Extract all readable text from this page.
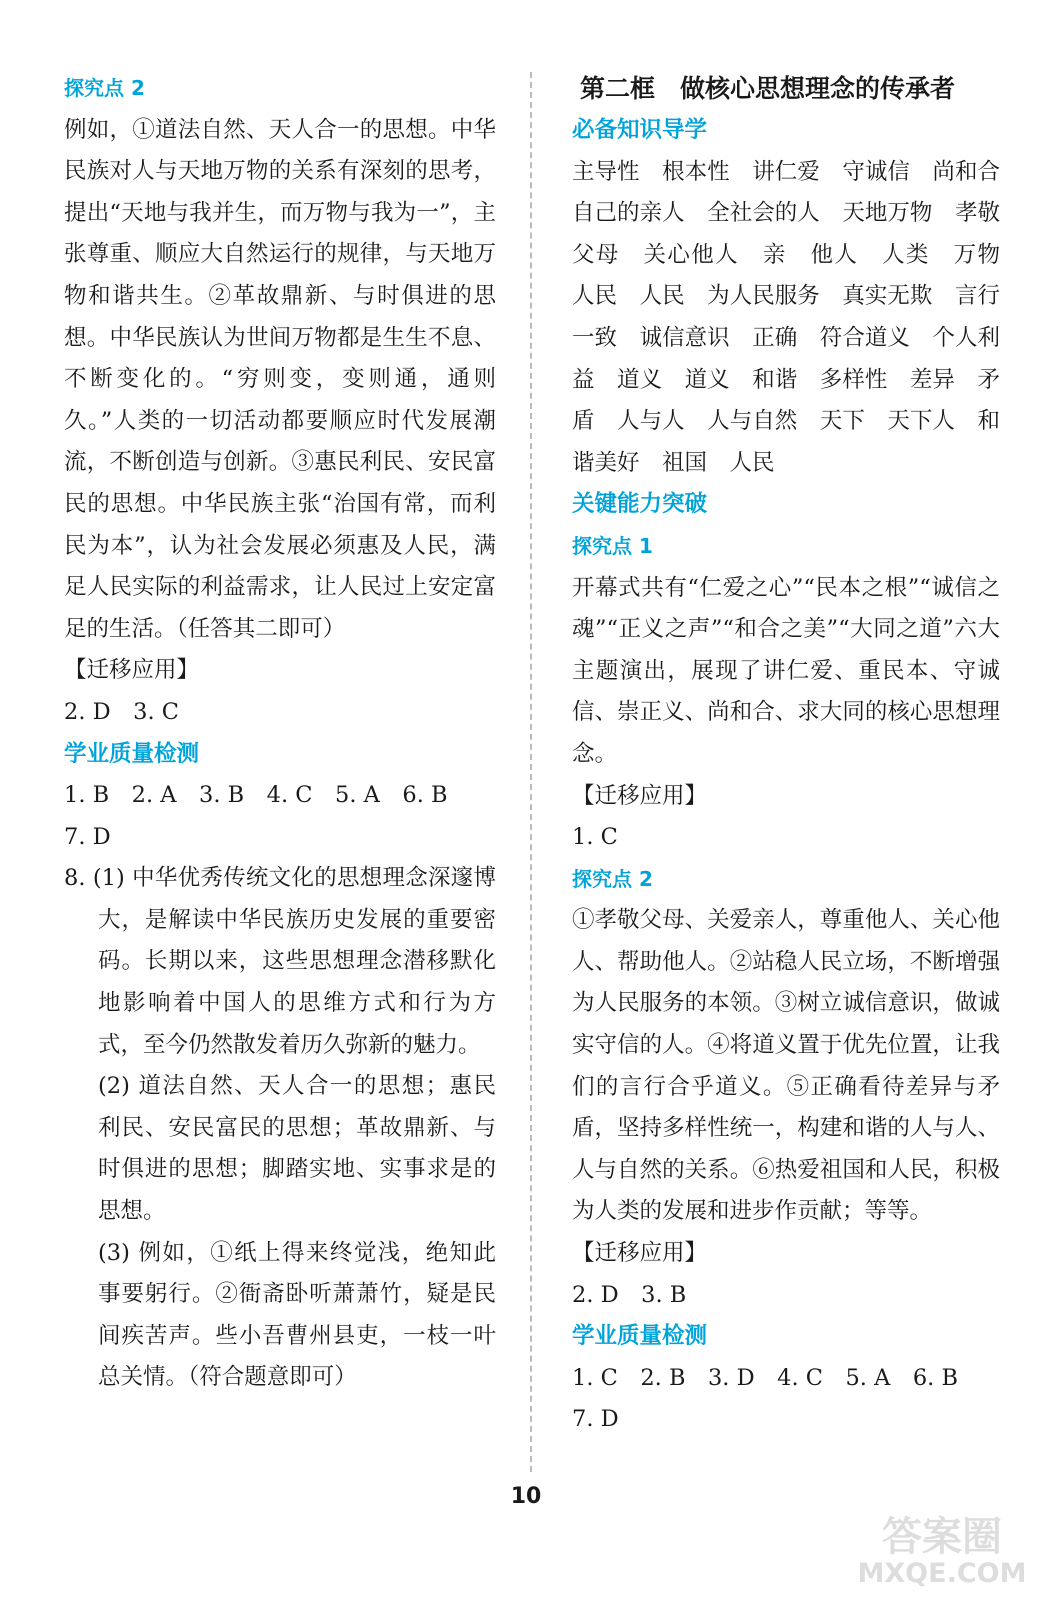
探究点 2

例如，①道法自然、天人合一的思想。中华民族对人与天地万物的关系有深刻的思考，提出“天地与我并生，而万物与我为一”，主张尊重、顺应大自然运行的规律，与天地万物和谐共生。②革故鼎新、与时俱进的思想。中华民族认为世间万物都是生生不息、不断变化的。“穷则变，变则通，通则久。”人类的一切活动都要顺应时代发展潮流，不断创造与创新。③惠民利民、安民富民的思想。中华民族主张“治国有常，而利民为本”，认为社会发展必须惠及人民，满足人民实际的利益需求，让人民过上安定富足的生活。（任答其二即可）

【迁移应用】
2. D　3. C
学业质量检测
1. B　2. A　3. B　4. C　5. A　6. B
7. D

8. (1) 中华优秀传统文化的思想理念深邃博大，是解读中华民族历史发展的重要密码。长期以来，这些思想理念潜移默化地影响着中国人的思维方式和行为方式，至今仍然散发着历久弥新的魅力。

(2) 道法自然、天人合一的思想；惠民利民、安民富民的思想；革故鼎新、与时俱进的思想；脚踏实地、实事求是的思想。

(3) 例如，①纸上得来终觉浅，绝知此事要躬行。②衙斋卧听萧萧竹，疑是民间疾苦声。些小吾曹州县吏，一枝一叶总关情。（符合题意即可）

第二框　做核心思想理念的传承者
必备知识导学

主导性　根本性　讲仁爱　守诚信　尚和合　自己的亲人　全社会的人　天地万物　孝敬父母　关心他人　亲　他人　人类　万物　人民　人民　为人民服务　真实无欺　言行一致　诚信意识　正确　符合道义　个人利益　道义　道义　和谐　多样性　差异　矛盾　人与人　人与自然　天下　天下人　和谐美好　祖国　人民

关键能力突破
探究点 1

开幕式共有“仁爱之心”“民本之根”“诚信之魂”“正义之声”“和合之美”“大同之道”六大主题演出，展现了讲仁爱、重民本、守诚信、崇正义、尚和合、求大同的核心思想理念。

【迁移应用】
1. C
探究点 2

①孝敬父母、关爱亲人，尊重他人、关心他人、帮助他人。②站稳人民立场，不断增强为人民服务的本领。③树立诚信意识，做诚实守信的人。④将道义置于优先位置，让我们的言行合乎道义。⑤正确看待差异与矛盾，坚持多样性统一，构建和谐的人与人、人与自然的关系。⑥热爱祖国和人民，积极为人类的发展和进步作贡献；等等。

【迁移应用】
2. D　3. B
学业质量检测
1. C　2. B　3. D　4. C　5. A　6. B
7. D
10
答案圈
MXQE.COM
